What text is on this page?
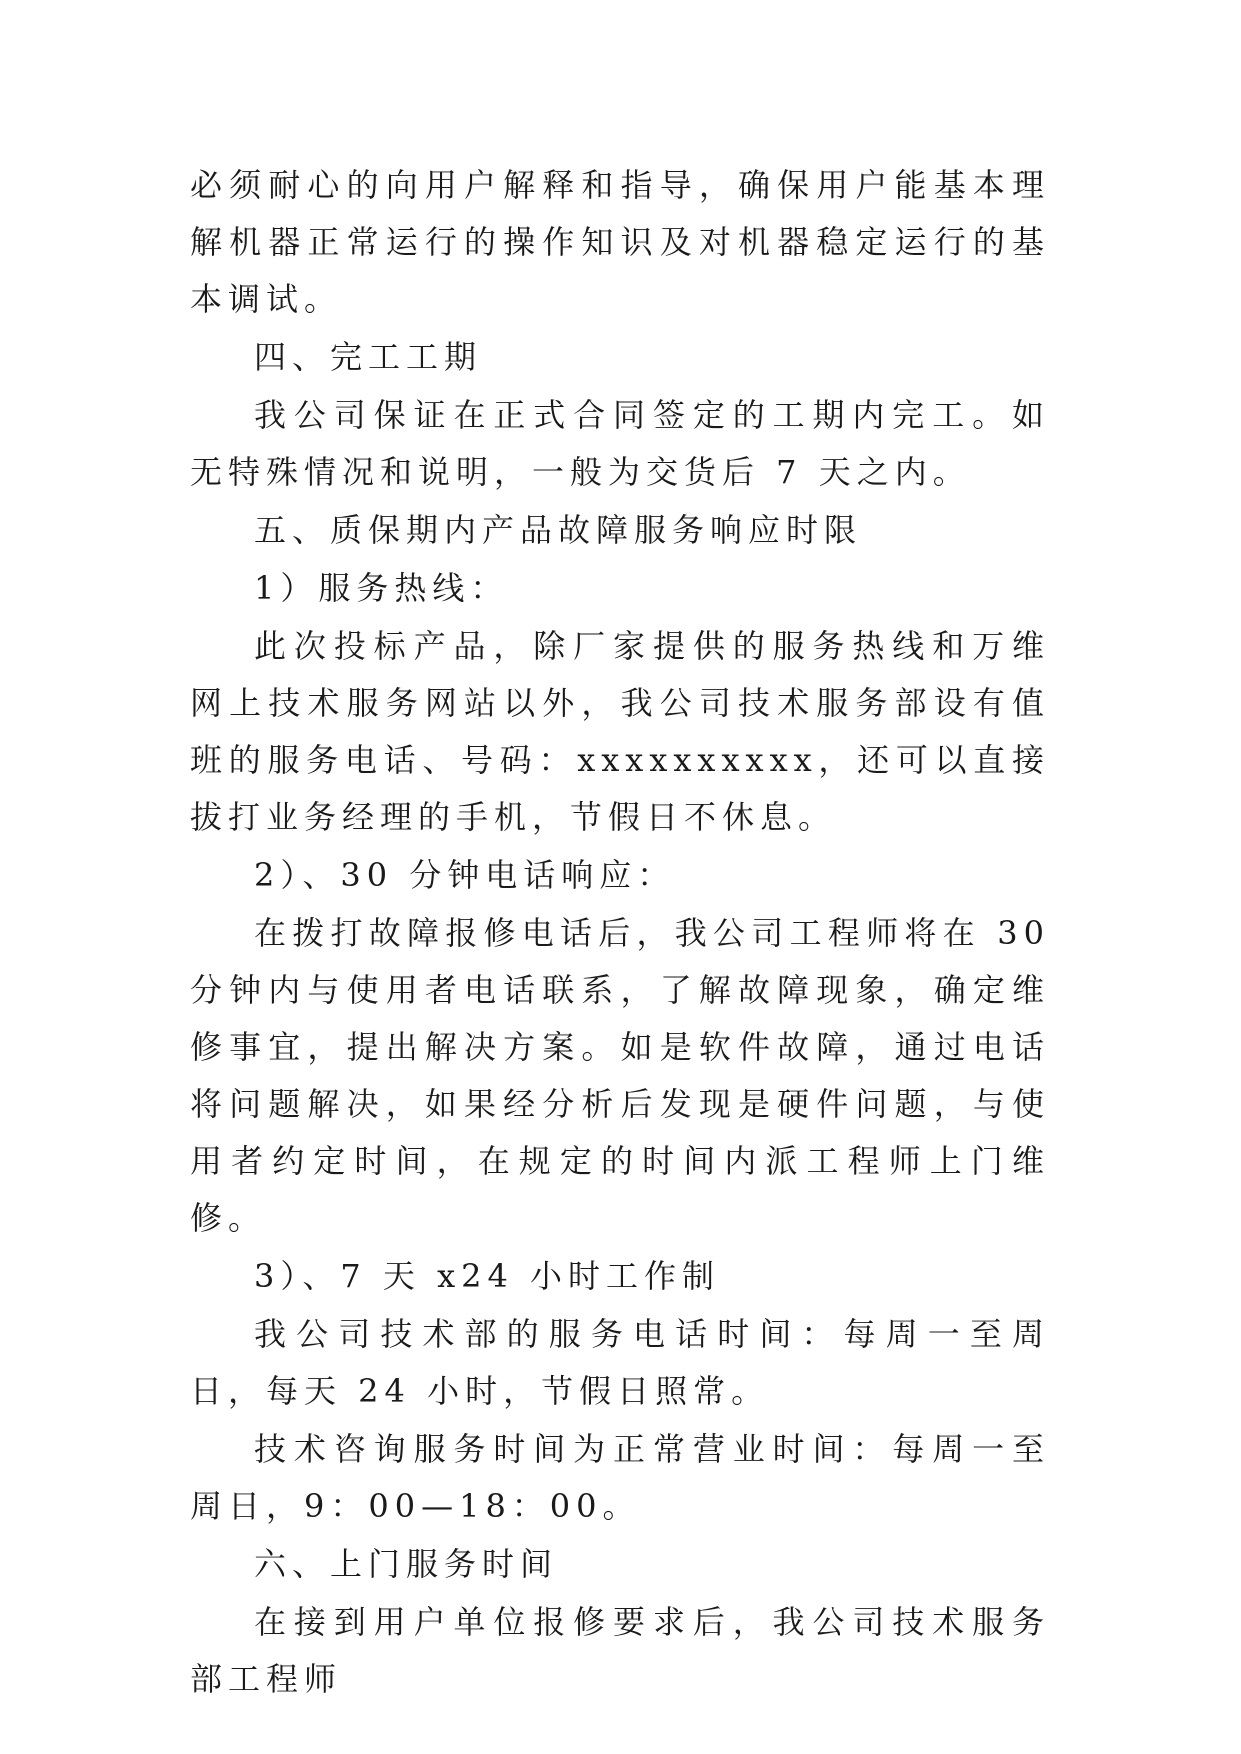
必须耐心的向用户解释和指导，确保用户能基本理解机器正常运行的操作知识及对机器稳定运行的基本调试。

四、完工工期

我公司保证在正式合同签定的工期内完工。如无特殊情况和说明，一般为交货后 7 天之内。

五、质保期内产品故障服务响应时限

1）服务热线：

此次投标产品，除厂家提供的服务热线和万维网上技术服务网站以外，我公司技术服务部设有值班的服务电话、号码：xxxxxxxxxx，还可以直接拔打业务经理的手机，节假日不休息。

2）、30 分钟电话响应：

在拨打故障报修电话后，我公司工程师将在 30 分钟内与使用者电话联系，了解故障现象，确定维修事宜，提出解决方案。如是软件故障，通过电话将问题解决，如果经分析后发现是硬件问题，与使用者约定时间，在规定的时间内派工程师上门维修。

3）、7 天 x24 小时工作制

我公司技术部的服务电话时间：每周一至周日，每天 24 小时，节假日照常。

技术咨询服务时间为正常营业时间：每周一至周日，9：00—18：00。

六、上门服务时间

在接到用户单位报修要求后，我公司技术服务部工程师
